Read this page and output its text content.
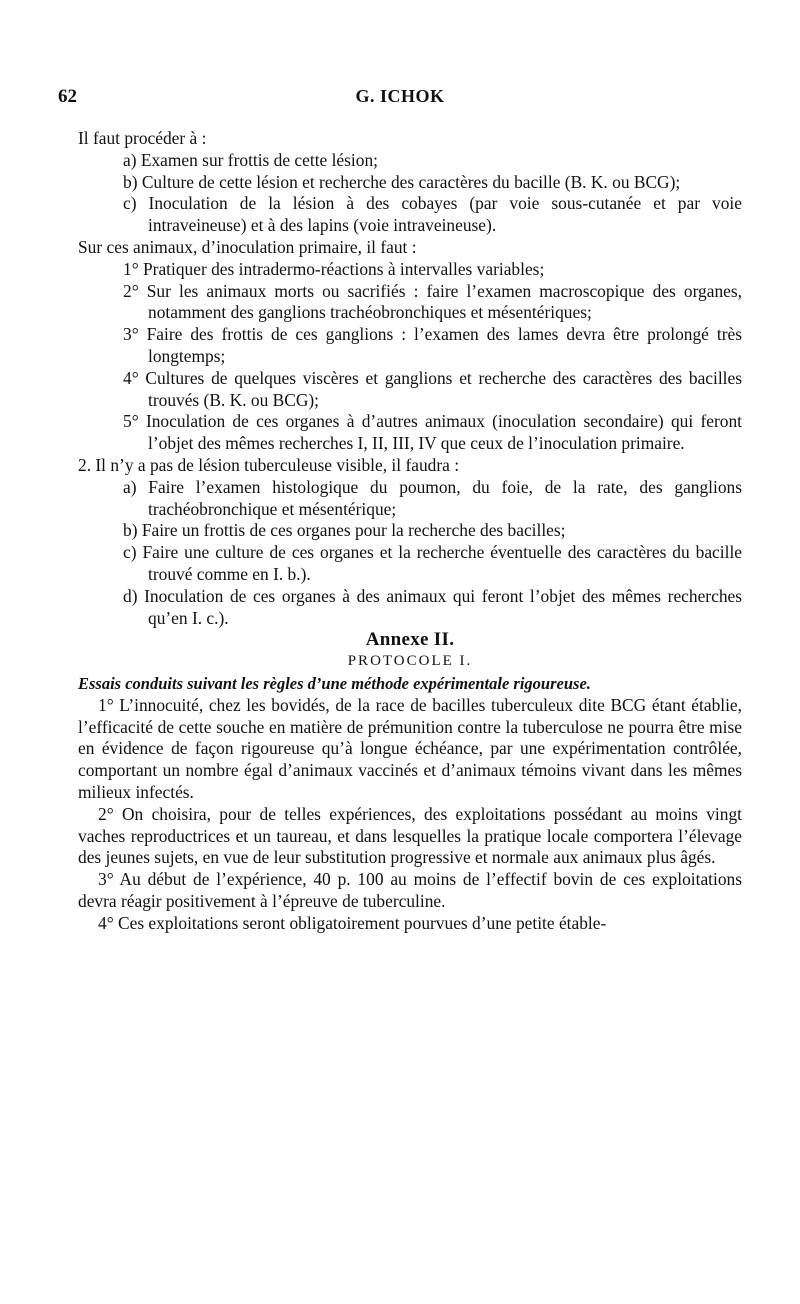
62	G. ICHOK

Il faut procéder à :

a) Examen sur frottis de cette lésion;

b) Culture de cette lésion et recherche des caractères du bacille (B. K. ou BCG);

c) Inoculation de la lésion à des cobayes (par voie sous-cutanée et par voie intraveineuse) et à des lapins (voie intraveineuse).

Sur ces animaux, d’inoculation primaire, il faut :

1° Pratiquer des intradermo-réactions à intervalles variables;

2° Sur les animaux morts ou sacrifiés : faire l’examen macroscopique des organes, notamment des ganglions trachéobronchiques et mésentériques;

3° Faire des frottis de ces ganglions : l’examen des lames devra être prolongé très longtemps;

4° Cultures de quelques viscères et ganglions et recherche des caractères des bacilles trouvés (B. K. ou BCG);

5° Inoculation de ces organes à d’autres animaux (inoculation secondaire) qui feront l’objet des mêmes recherches I, II, III, IV que ceux de l’inoculation primaire.

2. Il n’y a pas de lésion tuberculeuse visible, il faudra :

a) Faire l’examen histologique du poumon, du foie, de la rate, des ganglions trachéobronchique et mésentérique;

b) Faire un frottis de ces organes pour la recherche des bacilles;

c) Faire une culture de ces organes et la recherche éventuelle des caractères du bacille trouvé comme en I. b.).

d) Inoculation de ces organes à des animaux qui feront l’objet des mêmes recherches qu’en I. c.).

Annexe II.

PROTOCOLE I.

Essais conduits suivant les règles d’une méthode expérimentale rigoureuse.

1° L’innocuité, chez les bovidés, de la race de bacilles tuberculeux dite BCG étant établie, l’efficacité de cette souche en matière de prémunition contre la tuberculose ne pourra être mise en évidence de façon rigoureuse qu’à longue échéance, par une expérimentation contrôlée, comportant un nombre égal d’animaux vaccinés et d’animaux témoins vivant dans les mêmes milieux infectés.

2° On choisira, pour de telles expériences, des exploitations possédant au moins vingt vaches reproductrices et un taureau, et dans lesquelles la pratique locale comportera l’élevage des jeunes sujets, en vue de leur substitution progressive et normale aux animaux plus âgés.

3° Au début de l’expérience, 40 p. 100 au moins de l’effectif bovin de ces exploitations devra réagir positivement à l’épreuve de tuberculine.

4° Ces exploitations seront obligatoirement pourvues d’une petite étable-
